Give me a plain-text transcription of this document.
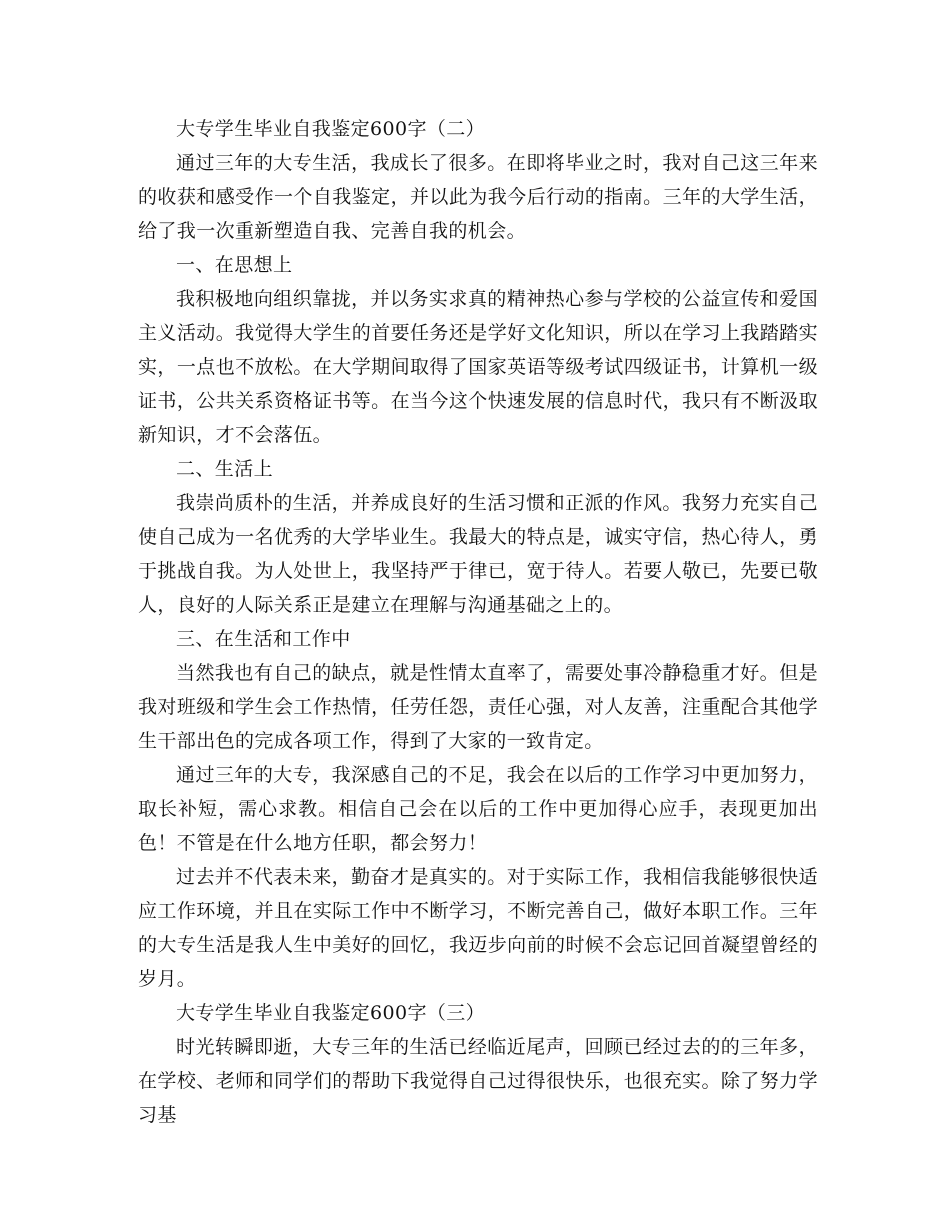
大专学生毕业自我鉴定600字（二）

通过三年的大专生活，我成长了很多。在即将毕业之时，我对自己这三年来的收获和感受作一个自我鉴定，并以此为我今后行动的指南。三年的大学生活，给了我一次重新塑造自我、完善自我的机会。

一、在思想上

我积极地向组织靠拢，并以务实求真的精神热心参与学校的公益宣传和爱国主义活动。我觉得大学生的首要任务还是学好文化知识，所以在学习上我踏踏实实，一点也不放松。在大学期间取得了国家英语等级考试四级证书，计算机一级证书，公共关系资格证书等。在当今这个快速发展的信息时代，我只有不断汲取新知识，才不会落伍。

二、生活上

我崇尚质朴的生活，并养成良好的生活习惯和正派的作风。我努力充实自己使自己成为一名优秀的大学毕业生。我最大的特点是，诚实守信，热心待人，勇于挑战自我。为人处世上，我坚持严于律已，宽于待人。若要人敬已，先要已敬人，良好的人际关系正是建立在理解与沟通基础之上的。

三、在生活和工作中

当然我也有自己的缺点，就是性情太直率了，需要处事冷静稳重才好。但是我对班级和学生会工作热情，任劳任怨，责任心强，对人友善，注重配合其他学生干部出色的完成各项工作，得到了大家的一致肯定。

通过三年的大专，我深感自己的不足，我会在以后的工作学习中更加努力，取长补短，需心求教。相信自己会在以后的工作中更加得心应手，表现更加出色！不管是在什么地方任职，都会努力！

过去并不代表未来，勤奋才是真实的。对于实际工作，我相信我能够很快适应工作环境，并且在实际工作中不断学习，不断完善自己，做好本职工作。三年的大专生活是我人生中美好的回忆，我迈步向前的时候不会忘记回首凝望曾经的岁月。

大专学生毕业自我鉴定600字（三）

时光转瞬即逝，大专三年的生活已经临近尾声，回顾已经过去的的三年多，在学校、老师和同学们的帮助下我觉得自己过得很快乐，也很充实。除了努力学习基
